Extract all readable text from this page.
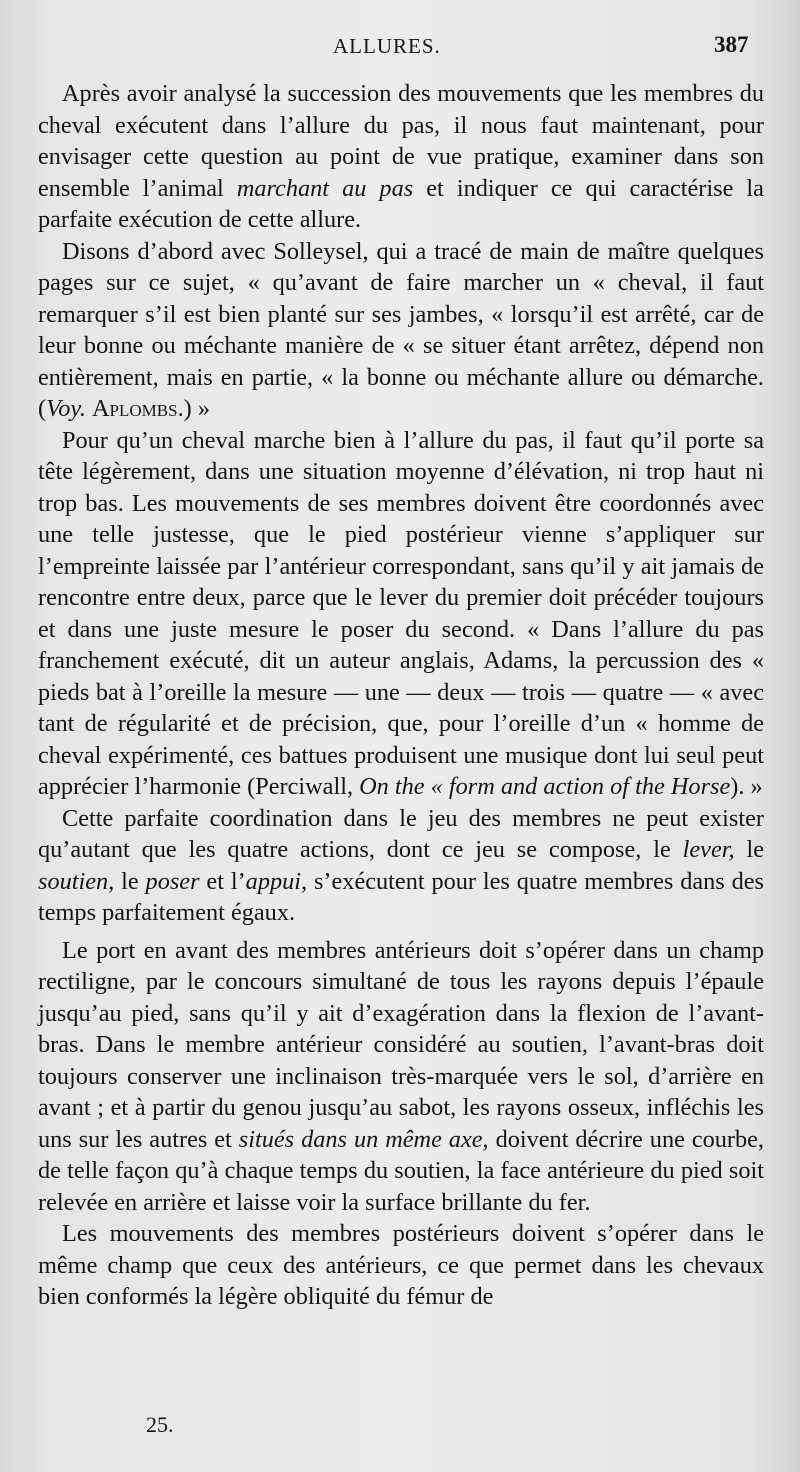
ALLURES.	387

Après avoir analysé la succession des mouvements que les membres du cheval exécutent dans l’allure du pas, il nous faut maintenant, pour envisager cette question au point de vue pratique, examiner dans son ensemble l’animal marchant au pas et indiquer ce qui caractérise la parfaite exécution de cette allure.

Disons d’abord avec Solleysel, qui a tracé de main de maître quelques pages sur ce sujet, « qu’avant de faire marcher un « cheval, il faut remarquer s’il est bien planté sur ses jambes, « lorsqu’il est arrêté, car de leur bonne ou méchante manière de « se situer étant arrêtez, dépend non entièrement, mais en partie, « la bonne ou méchante allure ou démarche. (Voy. Aplombs.) »

Pour qu’un cheval marche bien à l’allure du pas, il faut qu’il porte sa tête légèrement, dans une situation moyenne d’élévation, ni trop haut ni trop bas. Les mouvements de ses membres doivent être coordonnés avec une telle justesse, que le pied postérieur vienne s’appliquer sur l’empreinte laissée par l’antérieur correspondant, sans qu’il y ait jamais de rencontre entre deux, parce que le lever du premier doit précéder toujours et dans une juste mesure le poser du second. « Dans l’allure du pas franchement exécuté, dit un auteur anglais, Adams, la percussion des « pieds bat à l’oreille la mesure — une — deux — trois — quatre — « avec tant de régularité et de précision, que, pour l’oreille d’un « homme de cheval expérimenté, ces battues produisent une musique dont lui seul peut apprécier l’harmonie (Perciwall, On the « form and action of the Horse). »

Cette parfaite coordination dans le jeu des membres ne peut exister qu’autant que les quatre actions, dont ce jeu se compose, le lever, le soutien, le poser et l’appui, s’exécutent pour les quatre membres dans des temps parfaitement égaux.

Le port en avant des membres antérieurs doit s’opérer dans un champ rectiligne, par le concours simultané de tous les rayons depuis l’épaule jusqu’au pied, sans qu’il y ait d’exagération dans la flexion de l’avant-bras. Dans le membre antérieur considéré au soutien, l’avant-bras doit toujours conserver une inclinaison très-marquée vers le sol, d’arrière en avant ; et à partir du genou jusqu’au sabot, les rayons osseux, infléchis les uns sur les autres et situés dans un même axe, doivent décrire une courbe, de telle façon qu’à chaque temps du soutien, la face antérieure du pied soit relevée en arrière et laisse voir la surface brillante du fer.

Les mouvements des membres postérieurs doivent s’opérer dans le même champ que ceux des antérieurs, ce que permet dans les chevaux bien conformés la légère obliquité du fémur de

25.
